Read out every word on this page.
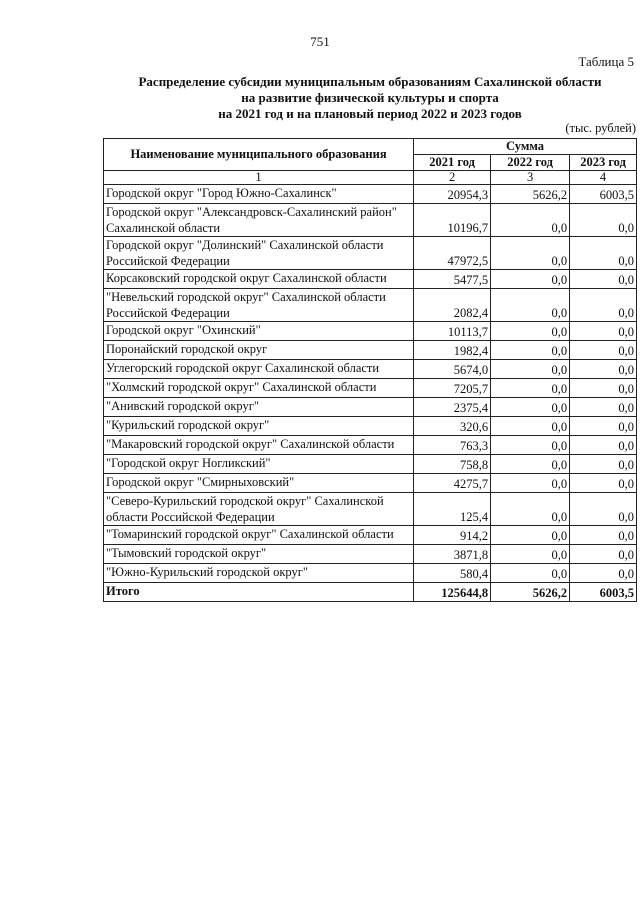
751
Таблица 5
Распределение субсидии муниципальным образованиям Сахалинской области
на развитие физической культуры и спорта
на 2021 год и на плановый период 2022 и 2023 годов
(тыс. рублей)
Наименование муниципального образования	Сумма		
	2021 год	2022 год	2023 год
1	2	3	4
Городской округ "Город Южно-Сахалинск"	20954,3	5626,2	6003,5
Городской округ "Александровск-Сахалинский район" Сахалинской области	10196,7	0,0	0,0
Городской округ "Долинский" Сахалинской области Российской Федерации	47972,5	0,0	0,0
Корсаковский городской округ Сахалинской области	5477,5	0,0	0,0
"Невельский городской округ" Сахалинской области Российской Федерации	2082,4	0,0	0,0
Городской округ "Охинский"	10113,7	0,0	0,0
Поронайский городской округ	1982,4	0,0	0,0
Углегорский городской округ Сахалинской области	5674,0	0,0	0,0
"Холмский городской округ" Сахалинской области	7205,7	0,0	0,0
"Анивский городской округ"	2375,4	0,0	0,0
"Курильский городской округ"	320,6	0,0	0,0
"Макаровский городской округ" Сахалинской области	763,3	0,0	0,0
"Городской округ Ногликский"	758,8	0,0	0,0
Городской округ "Смирныховский"	4275,7	0,0	0,0
"Северо-Курильский городской округ" Сахалинской области Российской Федерации	125,4	0,0	0,0
"Томаринский городской округ" Сахалинской области	914,2	0,0	0,0
"Тымовский городской округ"	3871,8	0,0	0,0
"Южно-Курильский городской округ"	580,4	0,0	0,0
Итого	125644,8	5626,2	6003,5
